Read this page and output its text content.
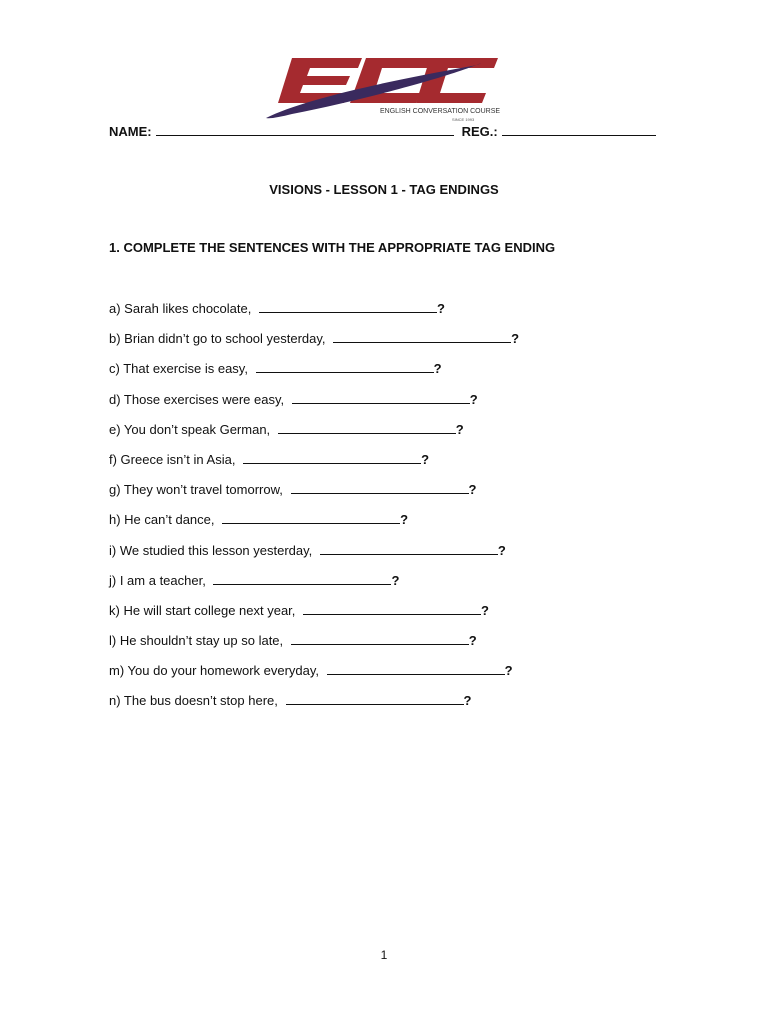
ENGLISH CONVERSATION COURSE
SINCE 1993
NAME:	REG.:
VISIONS - LESSON 1 - TAG ENDINGS
1. COMPLETE THE SENTENCES WITH THE APPROPRIATE TAG ENDING
a) Sarah likes chocolate,	?
b) Brian didn’t go to school yesterday,	?
c) That exercise is easy,	?
d) Those exercises were easy,	?
e) You don’t speak German,	?
f) Greece isn’t in Asia,	?
g) They won’t travel tomorrow,	?
h) He can’t dance,	?
i) We studied this lesson yesterday,	?
j) I am a teacher,	?
k) He will start college next year,	?
l) He shouldn’t stay up so late,	?
m) You do your homework everyday,	?
n) The bus doesn’t stop here,	?
1
